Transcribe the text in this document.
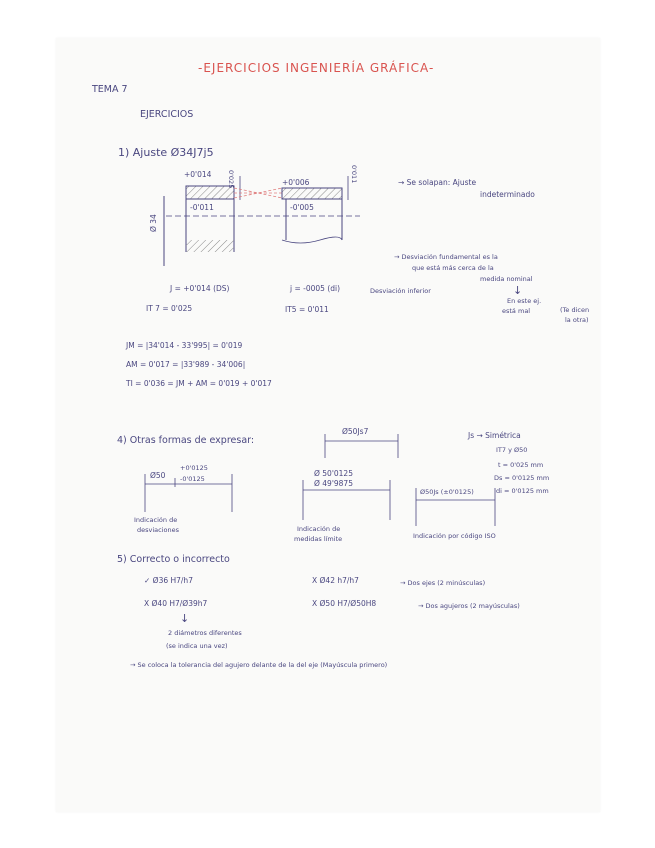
-EJERCICIOS INGENIERÍA GRÁFICA-
TEMA 7
EJERCICIOS
1) Ajuste Ø34J7j5
+0'014
-0'011
0'025
Ø 34
+0'006
-0'005
0'011	→ Se solapan: Ajuste
indeterminado
J = +0'014 (DS)
IT 7 = 0'025
j = -0005 (di)	Desviación inferior
IT5 = 0'011
→ Desviación fundamental es la
que está más cerca de la
medida nominal
↓
En este ej.
está mal	(Te dicen
la otra)
JM = |34'014 - 33'995| = 0'019
AM = 0'017 = |33'989 - 34'006|
TI = 0'036 = JM + AM = 0'019 + 0'017
4) Otras formas de expresar:
Ø50Js7
Ø50
+0'0125
-0'0125
Indicación de
desviaciones
Ø 50'0125
Ø 49'9875
Indicación de
medidas límite
Ø50Js (±0'0125)
Indicación por código ISO
Js → Simétrica
IT7 y Ø50
t = 0'025 mm
Ds = 0'0125 mm
di = 0'0125 mm
5) Correcto o incorrecto
✓ Ø36 H7/h7	X Ø42 h7/h7	→ Dos ejes (2 minúsculas)
X Ø40 H7/Ø39h7	X Ø50 H7/Ø50H8	→ Dos agujeros (2 mayúsculas)
↓
2 diámetros diferentes
(se indica una vez)
→ Se coloca la tolerancia del agujero delante de la del eje (Mayúscula primero)
